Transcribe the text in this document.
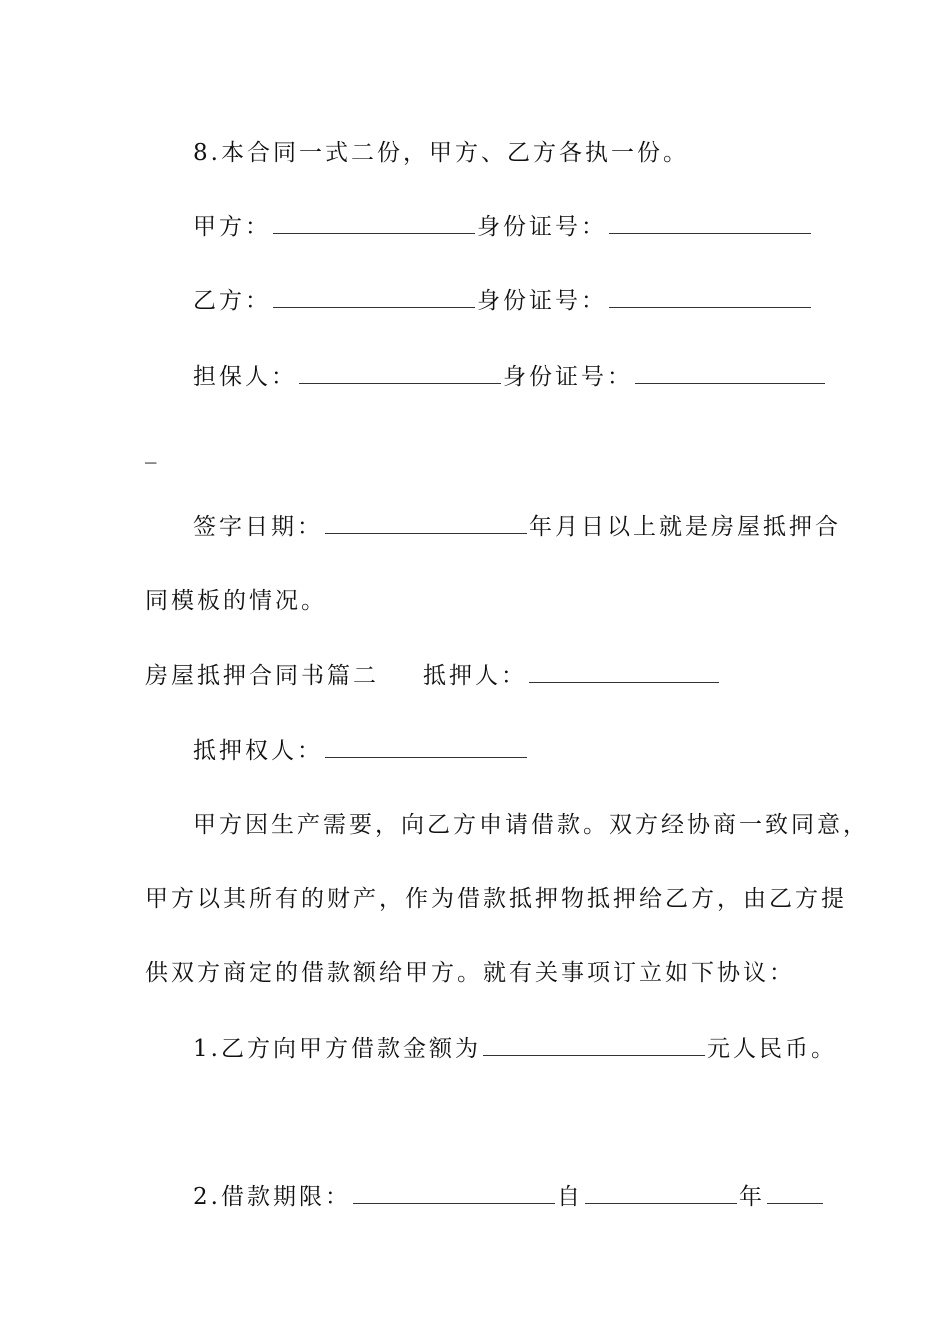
8.本合同一式二份，甲方、乙方各执一份。
甲方：	身份证号：
乙方：	身份证号：
担保人：	身份证号：
_
签字日期：	年月日以上就是房屋抵押合
同模板的情况。
房屋抵押合同书篇二 抵押人：
抵押权人：
甲方因生产需要，向乙方申请借款。双方经协商一致同意，
甲方以其所有的财产，作为借款抵押物抵押给乙方，由乙方提
供双方商定的借款额给甲方。就有关事项订立如下协议：
1.乙方向甲方借款金额为	元人民币。
2.借款期限：	自	年
